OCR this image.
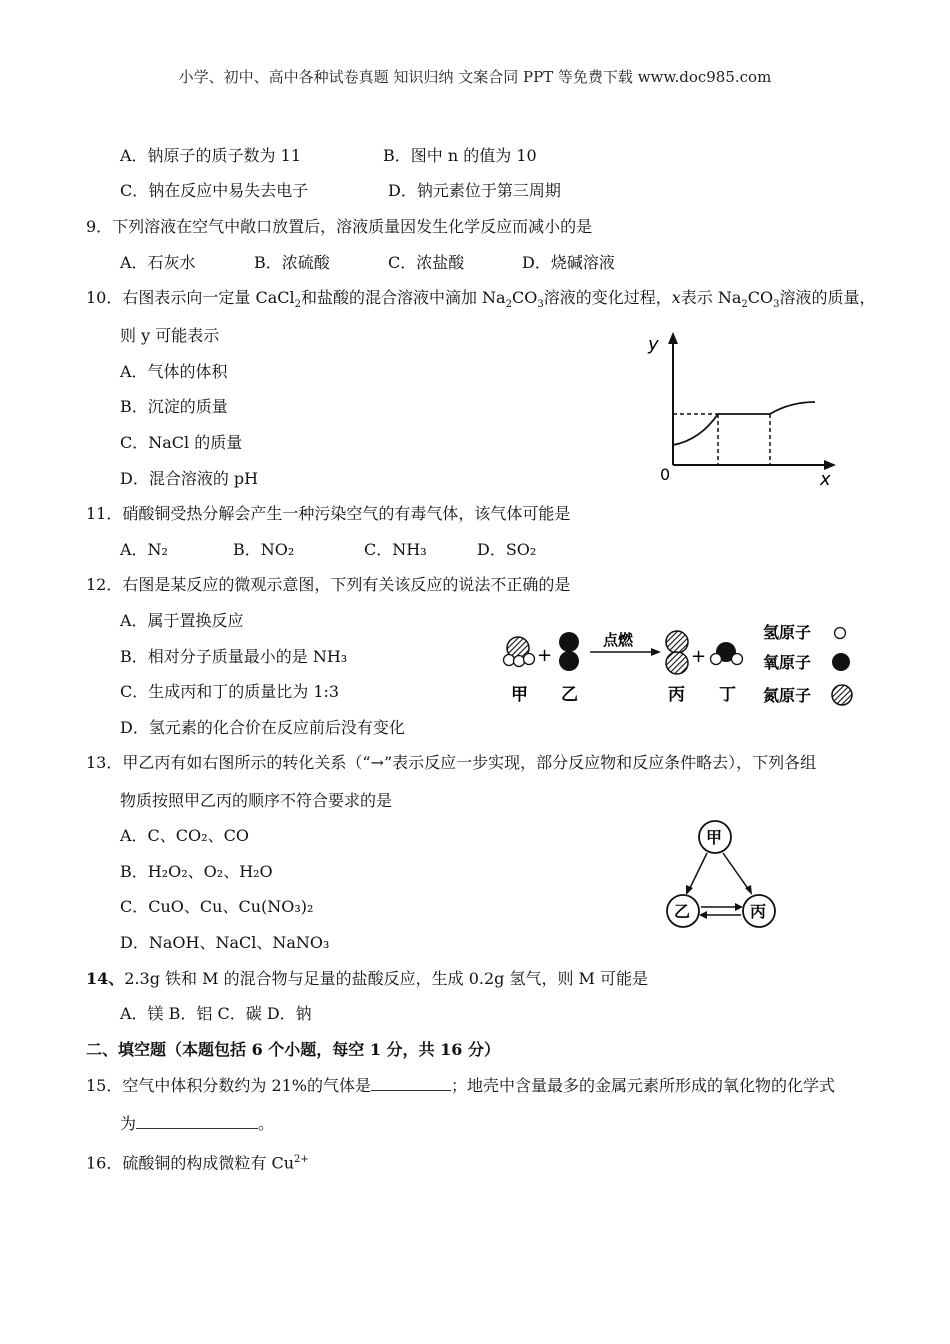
小学、初中、高中各种试卷真题 知识归纳 文案合同 PPT 等免费下载 www.doc985.com
A．钠原子的质子数为 11	B．图中 n 的值为 10
C．钠在反应中易失去电子	D．钠元素位于第三周期
9．下列溶液在空气中敞口放置后，溶液质量因发生化学反应而减小的是
A．石灰水	B．浓硫酸	C．浓盐酸	D．烧碱溶液
10．右图表示向一定量 CaCl$_2$和盐酸的混合溶液中滴加 $Na_2CO_3$溶液的变化过程，x表示 $Na_2CO_3$溶液的质量，
则 y 可能表示
A．气体的体积
B．沉淀的质量
C．NaCl 的质量
D．混合溶液的 pH
y
x
0
11．硝酸铜受热分解会产生一种污染空气的有毒气体，该气体可能是
A．N₂	B．NO₂	C．NH₃	D．SO₂
12．右图是某反应的微观示意图，下列有关该反应的说法不正确的是
A．属于置换反应
B．相对分子质量最小的是 NH₃
C．生成丙和丁的质量比为 1:3
D．氢元素的化合价在反应前后没有变化
+
点燃
+
甲 乙	丙 丁
氢原子
氧原子
氮原子
13．甲乙丙有如右图所示的转化关系（“→”表示反应一步实现，部分反应物和反应条件略去），下列各组
物质按照甲乙丙的顺序不符合要求的是
A．C、CO₂、CO
B．H₂O₂、O₂、H₂O
C．CuO、Cu、Cu(NO₃)₂
D．NaOH、NaCl、NaNO₃
甲
乙	丙
14、2.3g 铁和 M 的混合物与足量的盐酸反应，生成 0.2g 氢气，则 M 可能是
A．镁 B．铝 C．碳 D．钠
二、填空题（本题包括 6 个小题，每空 1 分，共 16 分）
15．空气中体积分数约为 21%的气体是	；地壳中含量最多的金属元素所形成的氧化物的化学式
为	。
16．硫酸铜的构成微粒有 $Cu^{2+}$
